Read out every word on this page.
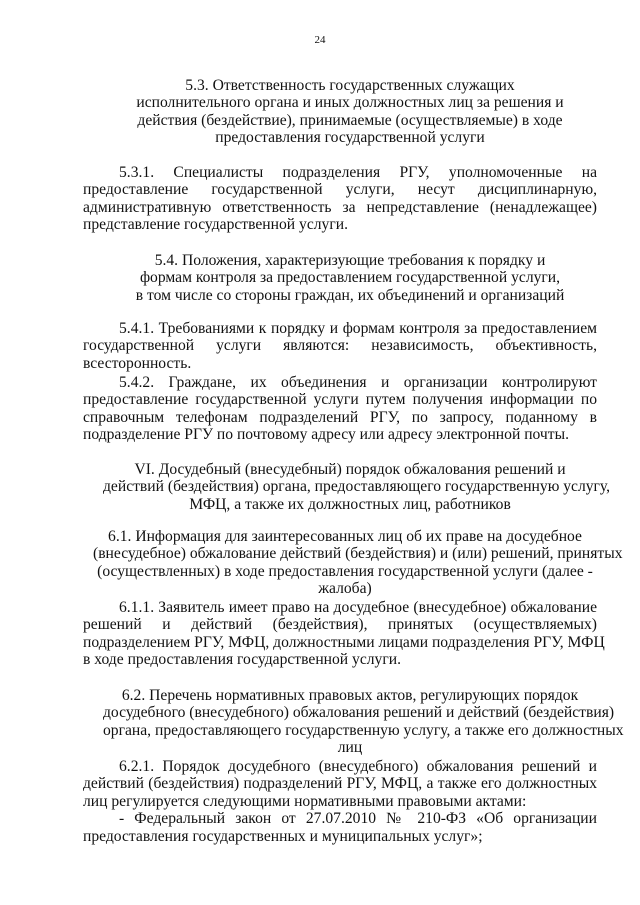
24
5.3. Ответственность государственных служащих
исполнительного органа и иных должностных лиц за решения и
действия (бездействие), принимаемые (осуществляемые) в ходе
предоставления государственной услуги
5.3.1. Специалисты подразделения РГУ, уполномоченные на
предоставление государственной услуги, несут дисциплинарную,
административную ответственность за непредставление (ненадлежащее)
представление государственной услуги.
5.4. Положения, характеризующие требования к порядку и
формам контроля за предоставлением государственной услуги,
в том числе со стороны граждан, их объединений и организаций
5.4.1. Требованиями к порядку и формам контроля за предоставлением
государственной услуги являются: независимость, объективность,
всесторонность.
5.4.2. Граждане, их объединения и организации контролируют
предоставление государственной услуги путем получения информации по
справочным телефонам подразделений РГУ, по запросу, поданному в
подразделение РГУ по почтовому адресу или адресу электронной почты.
VI. Досудебный (внесудебный) порядок обжалования решений и
действий (бездействия) органа, предоставляющего государственную услугу,
МФЦ, а также их должностных лиц, работников
6.1. Информация для заинтересованных лиц об их праве на досудебное
(внесудебное) обжалование действий (бездействия) и (или) решений, принятых
(осуществленных) в ходе предоставления государственной услуги (далее -
жалоба)
6.1.1. Заявитель имеет право на досудебное (внесудебное) обжалование
решений и действий (бездействия), принятых (осуществляемых)
подразделением РГУ, МФЦ, должностными лицами подразделения РГУ, МФЦ
в ходе предоставления государственной услуги.
6.2. Перечень нормативных правовых актов, регулирующих порядок
досудебного (внесудебного) обжалования решений и действий (бездействия)
органа, предоставляющего государственную услугу, а также его должностных
лиц
6.2.1. Порядок досудебного (внесудебного) обжалования решений и
действий (бездействия) подразделений РГУ, МФЦ, а также его должностных
лиц регулируется следующими нормативными правовыми актами:
- Федеральный закон от 27.07.2010 № 210-ФЗ «Об организации
предоставления государственных и муниципальных услуг»;
